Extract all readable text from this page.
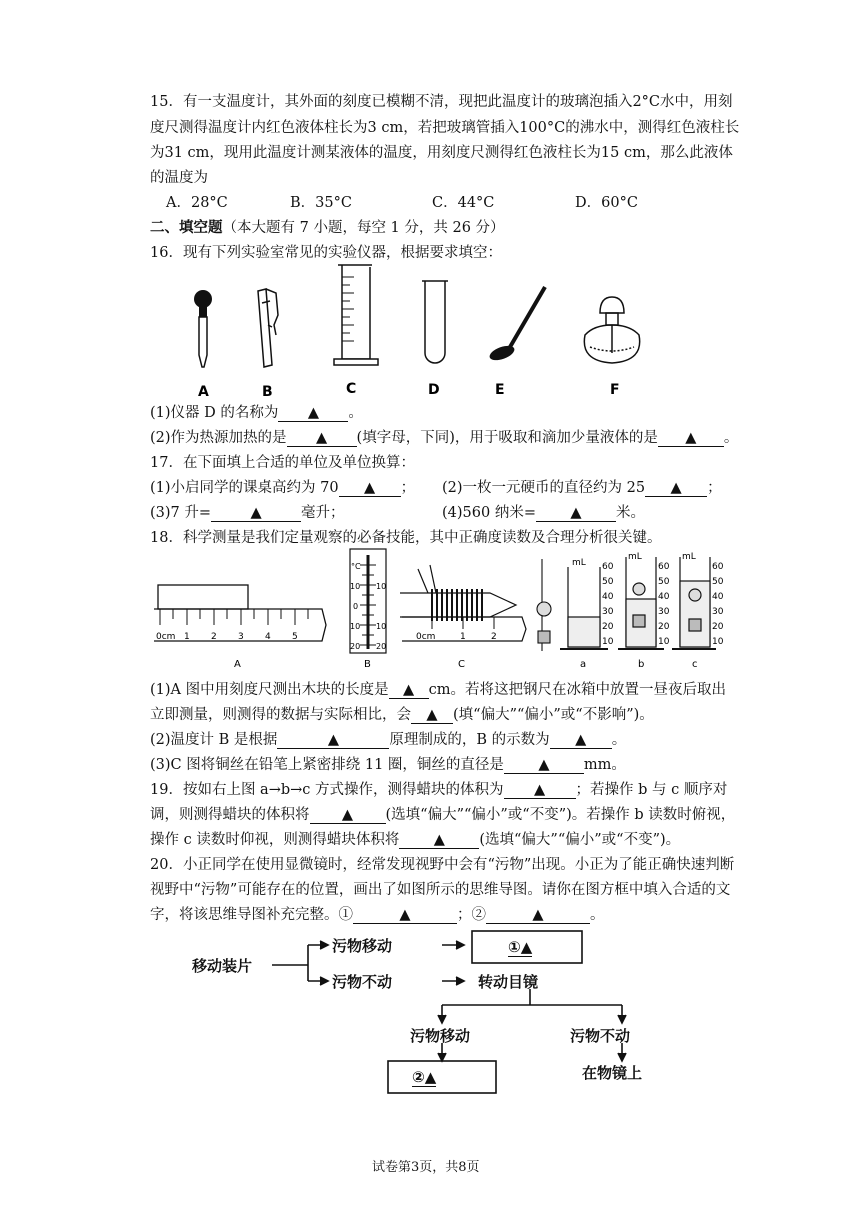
15．有一支温度计，其外面的刻度已模糊不清，现把此温度计的玻璃泡插入2°C水中，用刻
度尺测得温度计内红色液体柱长为3 cm，若把玻璃管插入100°C的沸水中，测得红色液柱长
为31 cm，现用此温度计测某液体的温度，用刻度尺测得红色液柱长为15 cm，那么此液体
的温度为
A．28°C	B．35°C	C．44°C	D．60°C
二、填空题（本大题有 7 小题，每空 1 分，共 26 分）
16．现有下列实验室常见的实验仪器，根据要求填空：
A	B	C	D	E	F
(1)仪器 D 的名称为 ▲ 。
(2)作为热源加热的是 ▲ (填字母，下同)，用于吸取和滴加少量液体的是 ▲ 。
17．在下面填上合适的单位及单位换算：
(1)小启同学的课桌高约为 70 ▲ ； (2)一枚一元硬币的直径约为 25 ▲ ；
(3)7 升=	▲	毫升；	(4)560 纳米= ▲ 米。
18．科学测量是我们定量观察的必备技能，其中正确度读数及合理分析很关键。
0cm 1 2 3 4 5
°C
10
0
10
20
10
10
20
0cm	1	2
mL
mL	mL
60
50
40
30
20
10
60
50
40
30
20
10
60
50
40
30
20
10
A	B	C	a	b	c
(1)A 图中用刻度尺测出木块的长度是 ▲ cm。若将这把钢尺在冰箱中放置一昼夜后取出
立即测量，则测得的数据与实际相比，会 ▲ (填“偏大”“偏小”或“不影响”)。
(2)温度计 B 是根据	▲	原理制成的，B 的示数为 ▲ 。
(3)C 图将铜丝在铅笔上紧密排绕 11 圈，铜丝的直径是 ▲ mm。
19．按如右上图 a→b→c 方式操作，测得蜡块的体积为 ▲ ；若操作 b 与 c 顺序对
调，则测得蜡块的体积将 ▲ (选填“偏大”“偏小”或“不变”)。若操作 b 读数时俯视，
操作 c 读数时仰视，则测得蜡块体积将 ▲ (选填“偏大”“偏小”或“不变”)。
20．小正同学在使用显微镜时，经常发现视野中会有“污物”出现。小正为了能正确快速判断
视野中“污物”可能存在的位置，画出了如图所示的思维导图。请你在图方框中填入合适的文
字，将该思维导图补充完整。①	▲	；②	▲	。
移动装片
污物移动
污物不动
①▲
转动目镜
污物移动	污物不动
②▲	在物镜上
试卷第3页，共8页
